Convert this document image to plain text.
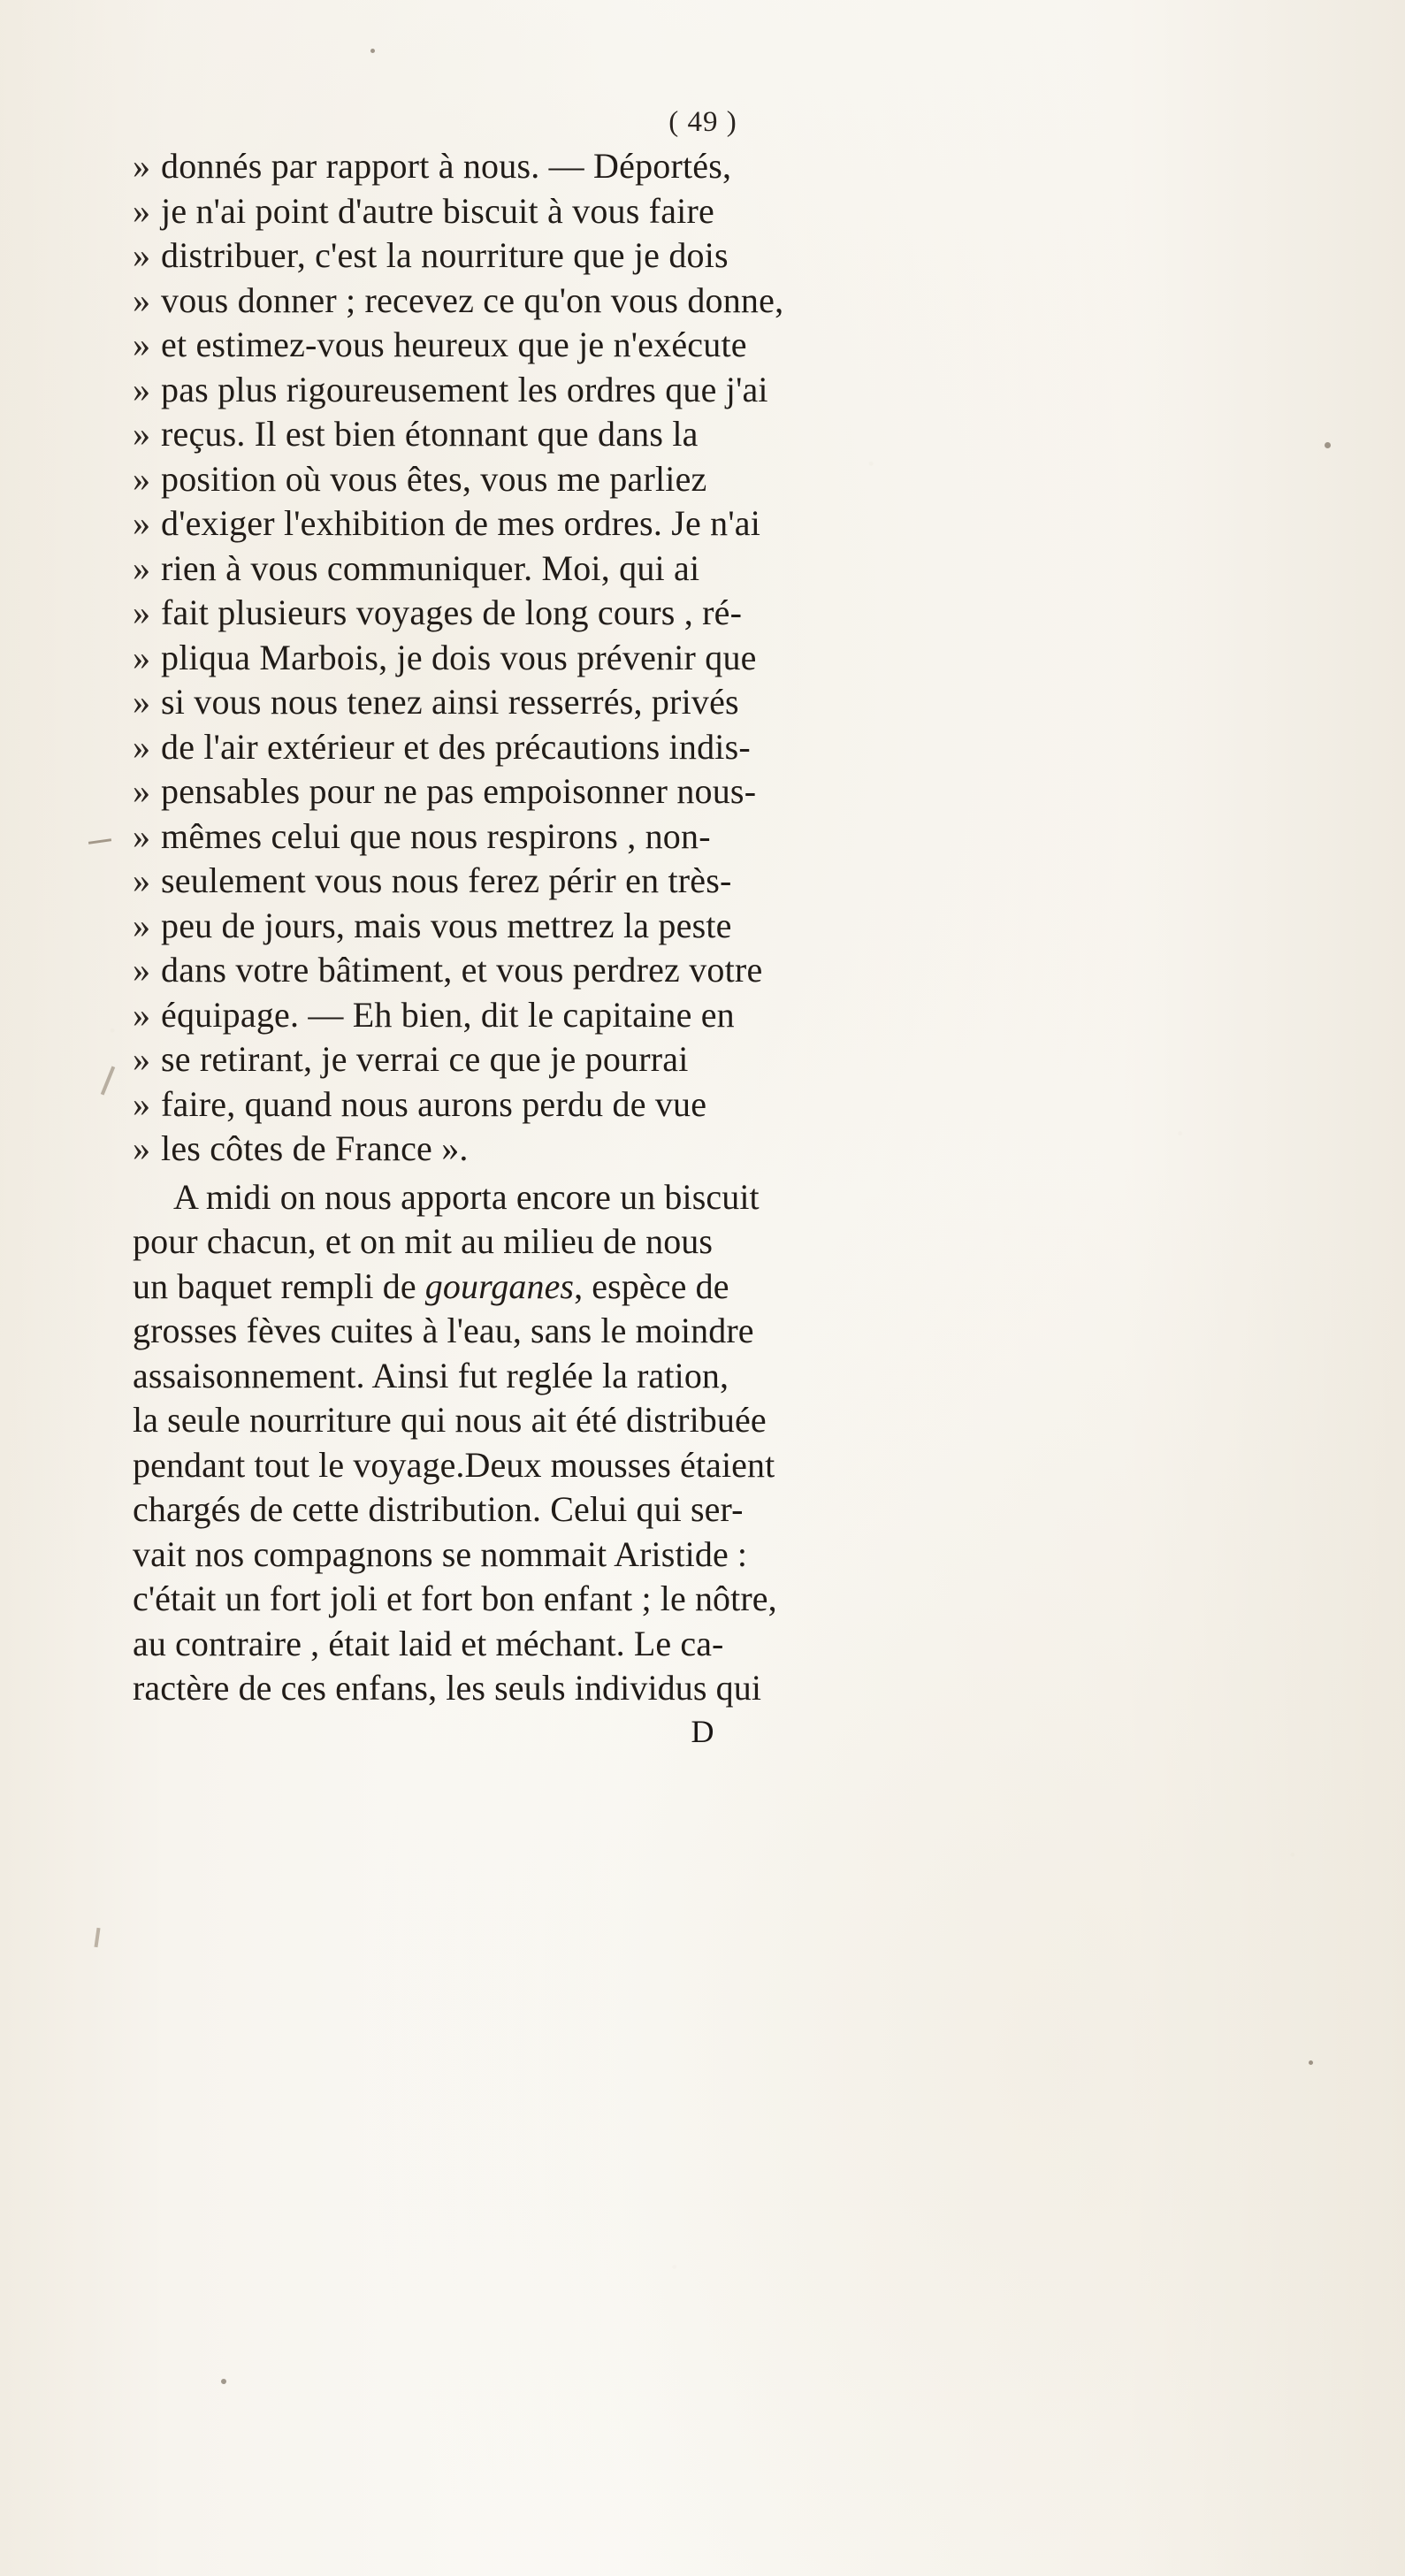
( 49 )
» donnés par rapport à nous. — Déportés,
» je n'ai point d'autre biscuit à vous faire
» distribuer, c'est la nourriture que je dois
» vous donner ; recevez ce qu'on vous donne,
» et estimez-vous heureux que je n'exécute
» pas plus rigoureusement les ordres que j'ai
» reçus. Il est bien étonnant que dans la
» position où vous êtes, vous me parliez
» d'exiger l'exhibition de mes ordres. Je n'ai
» rien à vous communiquer. Moi, qui ai
» fait plusieurs voyages de long cours , ré-
» pliqua Marbois, je dois vous prévenir que
» si vous nous tenez ainsi resserrés, privés
» de l'air extérieur et des précautions indis-
» pensables pour ne pas empoisonner nous-
» mêmes celui que nous respirons , non-
» seulement vous nous ferez périr en très-
» peu de jours, mais vous mettrez la peste
» dans votre bâtiment, et vous perdrez votre
» équipage. — Eh bien, dit le capitaine en
» se retirant, je verrai ce que je pourrai
» faire, quand nous aurons perdu de vue
» les côtes de France ».
A midi on nous apporta encore un biscuit
pour chacun, et on mit au milieu de nous
un baquet rempli de gourganes, espèce de
grosses fèves cuites à l'eau, sans le moindre
assaisonnement. Ainsi fut reglée la ration,
la seule nourriture qui nous ait été distribuée
pendant tout le voyage.Deux mousses étaient
chargés de cette distribution. Celui qui ser-
vait nos compagnons se nommait Aristide :
c'était un fort joli et fort bon enfant ; le nôtre,
au contraire , était laid et méchant. Le ca-
ractère de ces enfans, les seuls individus qui
D
